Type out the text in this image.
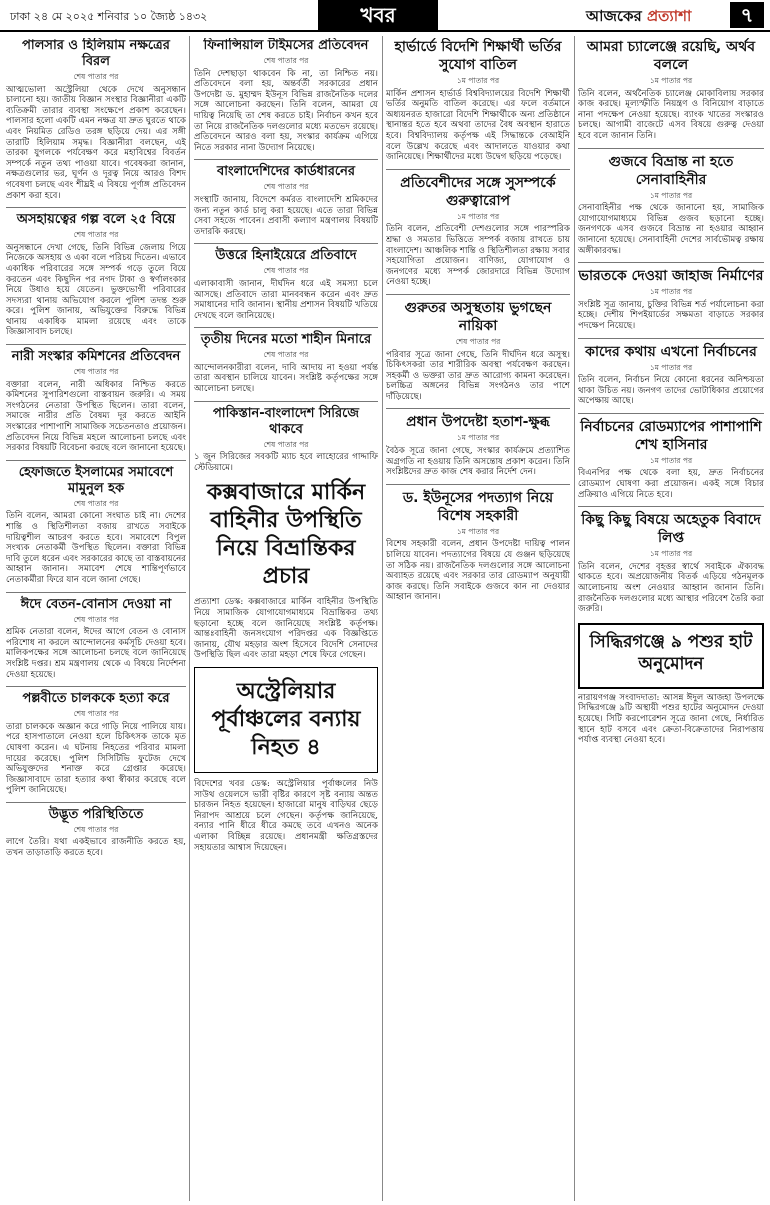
ঢাকা ২৪ মে ২০২৫ শনিবার ১০ জ্যৈষ্ঠ ১৪৩২	খবর	আজকের প্রত্যাশা	৭
পালসার ও হিলিয়াম নক্ষত্রের বিরল
শেষ পাতার পর

আত্মভোলা অস্ট্রেলিয়া থেকে দেখে অনুসন্ধান চালানো হয়। জাতীয় বিজ্ঞান সংস্থার বিজ্ঞানীরা একটি ব্যতিক্রমী তারার ব্যবস্থা সংক্ষেপে প্রকাশ করেছেন। পালসার হলো একটি এমন নক্ষত্র যা দ্রুত ঘুরতে থাকে এবং নিয়মিত রেডিও তরঙ্গ ছড়িয়ে দেয়। এর সঙ্গী তারাটি হিলিয়াম সমৃদ্ধ। বিজ্ঞানীরা বলছেন, এই তারকা যুগলকে পর্যবেক্ষণ করে মহাবিশ্বের বিবর্তন সম্পর্কে নতুন তথ্য পাওয়া যাবে। গবেষকরা জানান, নক্ষত্রগুলোর ভর, ঘূর্ণন ও দূরত্ব নিয়ে আরও বিশদ গবেষণা চলছে এবং শীঘ্রই এ বিষয়ে পূর্ণাঙ্গ প্রতিবেদন প্রকাশ করা হবে।

অসহায়ত্বের গল্প বলে ২৫ বিয়ে
শেষ পাতার পর

অনুসন্ধানে দেখা গেছে, তিনি বিভিন্ন জেলায় গিয়ে নিজেকে অসহায় ও একা বলে পরিচয় দিতেন। এভাবে একাধিক পরিবারের সঙ্গে সম্পর্ক গড়ে তুলে বিয়ে করতেন এবং কিছুদিন পর নগদ টাকা ও স্বর্ণালংকার নিয়ে উধাও হয়ে যেতেন। ভুক্তভোগী পরিবারের সদস্যরা থানায় অভিযোগ করলে পুলিশ তদন্ত শুরু করে। পুলিশ জানায়, অভিযুক্তের বিরুদ্ধে বিভিন্ন থানায় একাধিক মামলা রয়েছে এবং তাকে জিজ্ঞাসাবাদ চলছে।

নারী সংস্কার কমিশনের প্রতিবেদন
শেষ পাতার পর

বক্তারা বলেন, নারী অধিকার নিশ্চিত করতে কমিশনের সুপারিশগুলো বাস্তবায়ন জরুরি। এ সময় সংগঠনের নেতারা উপস্থিত ছিলেন। তারা বলেন, সমাজে নারীর প্রতি বৈষম্য দূর করতে আইনি সংস্কারের পাশাপাশি সামাজিক সচেতনতাও প্রয়োজন। প্রতিবেদন নিয়ে বিভিন্ন মহলে আলোচনা চলছে এবং সরকার বিষয়টি বিবেচনা করছে বলে জানানো হয়েছে।

হেফাজতে ইসলামের সমাবেশে মামুনুল হক
শেষ পাতার পর

তিনি বলেন, আমরা কোনো সংঘাত চাই না। দেশের শান্তি ও স্থিতিশীলতা বজায় রাখতে সবাইকে দায়িত্বশীল আচরণ করতে হবে। সমাবেশে বিপুল সংখ্যক নেতাকর্মী উপস্থিত ছিলেন। বক্তারা বিভিন্ন দাবি তুলে ধরেন এবং সরকারের কাছে তা বাস্তবায়নের আহ্বান জানান। সমাবেশ শেষে শান্তিপূর্ণভাবে নেতাকর্মীরা ফিরে যান বলে জানা গেছে।

ঈদে বেতন-বোনাস দেওয়া না
শেষ পাতার পর

শ্রমিক নেতারা বলেন, ঈদের আগে বেতন ও বোনাস পরিশোধ না করলে আন্দোলনের কর্মসূচি দেওয়া হবে। মালিকপক্ষের সঙ্গে আলোচনা চলছে বলে জানিয়েছে সংশ্লিষ্ট দপ্তর। শ্রম মন্ত্রণালয় থেকে এ বিষয়ে নির্দেশনা দেওয়া হয়েছে।

পল্লবীতে চালককে হত্যা করে
শেষ পাতার পর

তারা চালককে অজ্ঞান করে গাড়ি নিয়ে পালিয়ে যায়। পরে হাসপাতালে নেওয়া হলে চিকিৎসক তাকে মৃত ঘোষণা করেন। এ ঘটনায় নিহতের পরিবার মামলা দায়ের করেছে। পুলিশ সিসিটিভি ফুটেজ দেখে অভিযুক্তদের শনাক্ত করে গ্রেপ্তার করেছে। জিজ্ঞাসাবাদে তারা হত্যার কথা স্বীকার করেছে বলে পুলিশ জানিয়েছে।

উদ্ভূত পরিস্থিতিতে
শেষ পাতার পর

লাগে তৈরি। যথা একইভাবে রাজনীতি করতে হয়, তখন তাড়াতাড়ি করতে হবে।

ফিনান্সিয়াল টাইমসের প্রতিবেদন
শেষ পাতার পর

তিনি দেশছাড়া থাকবেন কি না, তা নিশ্চিত নয়। প্রতিবেদনে বলা হয়, অন্তর্বর্তী সরকারের প্রধান উপদেষ্টা ড. মুহাম্মদ ইউনূস বিভিন্ন রাজনৈতিক দলের সঙ্গে আলোচনা করছেন। তিনি বলেন, আমরা যে দায়িত্ব নিয়েছি তা শেষ করতে চাই। নির্বাচন কখন হবে তা নিয়ে রাজনৈতিক দলগুলোর মধ্যে মতভেদ রয়েছে। প্রতিবেদনে আরও বলা হয়, সংস্কার কার্যক্রম এগিয়ে নিতে সরকার নানা উদ্যোগ নিয়েছে।

বাংলাদেশিদের কার্ডধারনের
শেষ পাতার পর

সংস্থাটি জানায়, বিদেশে কর্মরত বাংলাদেশি শ্রমিকদের জন্য নতুন কার্ড চালু করা হয়েছে। এতে তারা বিভিন্ন সেবা সহজে পাবেন। প্রবাসী কল্যাণ মন্ত্রণালয় বিষয়টি তদারকি করছে।

উত্তরে হিনাইয়েরে প্রতিবাদে
শেষ পাতার পর

এলাকাবাসী জানান, দীর্ঘদিন ধরে এই সমস্যা চলে আসছে। প্রতিবাদে তারা মানববন্ধন করেন এবং দ্রুত সমাধানের দাবি জানান। স্থানীয় প্রশাসন বিষয়টি খতিয়ে দেখছে বলে জানিয়েছে।

তৃতীয় দিনের মতো শাহীন মিনারে
শেষ পাতার পর

আন্দোলনকারীরা বলেন, দাবি আদায় না হওয়া পর্যন্ত তারা অবস্থান চালিয়ে যাবেন। সংশ্লিষ্ট কর্তৃপক্ষের সঙ্গে আলোচনা চলছে।

পাকিস্তান-বাংলাদেশ সিরিজে থাকবে
শেষ পাতার পর

১ জুন সিরিজের সবকটি ম্যাচ হবে লাহোরের গাদ্দাফি স্টেডিয়ামে।

কক্সবাজারে মার্কিন বাহিনীর উপস্থিতি নিয়ে বিভ্রান্তিকর প্রচার

প্রত্যাশা ডেস্ক: কক্সবাজারে মার্কিন বাহিনীর উপস্থিতি নিয়ে সামাজিক যোগাযোগমাধ্যমে বিভ্রান্তিকর তথ্য ছড়ানো হচ্ছে বলে জানিয়েছে সংশ্লিষ্ট কর্তৃপক্ষ। আন্তঃবাহিনী জনসংযোগ পরিদপ্তর এক বিজ্ঞপ্তিতে জানায়, যৌথ মহড়ার অংশ হিসেবে বিদেশি সেনাদের উপস্থিতি ছিল এবং তারা মহড়া শেষে ফিরে গেছেন।

অস্ট্রেলিয়ার পূর্বাঞ্চলের বন্যায় নিহত ৪

বিদেশের খবর ডেস্ক: অস্ট্রেলিয়ার পূর্বাঞ্চলের নিউ সাউথ ওয়েলসে ভারী বৃষ্টির কারণে সৃষ্ট বন্যায় অন্তত চারজন নিহত হয়েছেন। হাজারো মানুষ বাড়িঘর ছেড়ে নিরাপদ আশ্রয়ে চলে গেছেন। কর্তৃপক্ষ জানিয়েছে, বন্যার পানি ধীরে ধীরে কমছে তবে এখনও অনেক এলাকা বিচ্ছিন্ন রয়েছে। প্রধানমন্ত্রী ক্ষতিগ্রস্তদের সহায়তার আশ্বাস দিয়েছেন।

হার্ভার্ডে বিদেশি শিক্ষার্থী ভর্তির সুযোগ বাতিল
১ম পাতার পর

মার্কিন প্রশাসন হার্ভার্ড বিশ্ববিদ্যালয়ের বিদেশি শিক্ষার্থী ভর্তির অনুমতি বাতিল করেছে। এর ফলে বর্তমানে অধ্যয়নরত হাজারো বিদেশি শিক্ষার্থীকে অন্য প্রতিষ্ঠানে স্থানান্তর হতে হবে অথবা তাদের বৈধ অবস্থান হারাতে হবে। বিশ্ববিদ্যালয় কর্তৃপক্ষ এই সিদ্ধান্তকে বেআইনি বলে উল্লেখ করেছে এবং আদালতে যাওয়ার কথা জানিয়েছে। শিক্ষার্থীদের মধ্যে উদ্বেগ ছড়িয়ে পড়েছে।

প্রতিবেশীদের সঙ্গে সুসম্পর্কে গুরুত্বারোপ
১ম পাতার পর

তিনি বলেন, প্রতিবেশী দেশগুলোর সঙ্গে পারস্পরিক শ্রদ্ধা ও সমতার ভিত্তিতে সম্পর্ক বজায় রাখতে চায় বাংলাদেশ। আঞ্চলিক শান্তি ও স্থিতিশীলতা রক্ষায় সবার সহযোগিতা প্রয়োজন। বাণিজ্য, যোগাযোগ ও জনগণের মধ্যে সম্পর্ক জোরদারে বিভিন্ন উদ্যোগ নেওয়া হচ্ছে।

গুরুতর অসুস্থতায় ভুগছেন নায়িকা
শেষ পাতার পর

পরিবার সূত্রে জানা গেছে, তিনি দীর্ঘদিন ধরে অসুস্থ। চিকিৎসকরা তার শারীরিক অবস্থা পর্যবেক্ষণ করছেন। সহকর্মী ও ভক্তরা তার দ্রুত আরোগ্য কামনা করেছেন। চলচ্চিত্র অঙ্গনের বিভিন্ন সংগঠনও তার পাশে দাঁড়িয়েছে।

প্রধান উপদেষ্টা হতাশ-ক্ষুব্ধ
১ম পাতার পর

বৈঠক সূত্রে জানা গেছে, সংস্কার কার্যক্রমে প্রত্যাশিত অগ্রগতি না হওয়ায় তিনি অসন্তোষ প্রকাশ করেন। তিনি সংশ্লিষ্টদের দ্রুত কাজ শেষ করার নির্দেশ দেন।

ড. ইউনূসের পদত্যাগ নিয়ে বিশেষ সহকারী
১ম পাতার পর

বিশেষ সহকারী বলেন, প্রধান উপদেষ্টা দায়িত্ব পালন চালিয়ে যাবেন। পদত্যাগের বিষয়ে যে গুঞ্জন ছড়িয়েছে তা সঠিক নয়। রাজনৈতিক দলগুলোর সঙ্গে আলোচনা অব্যাহত রয়েছে এবং সরকার তার রোডম্যাপ অনুযায়ী কাজ করছে। তিনি সবাইকে গুজবে কান না দেওয়ার আহ্বান জানান।

আমরা চ্যালেঞ্জে রয়েছি, অর্থব বললে
১ম পাতার পর

তিনি বলেন, অর্থনৈতিক চ্যালেঞ্জ মোকাবিলায় সরকার কাজ করছে। মূল্যস্ফীতি নিয়ন্ত্রণ ও বিনিয়োগ বাড়াতে নানা পদক্ষেপ নেওয়া হয়েছে। ব্যাংক খাতের সংস্কারও চলছে। আগামী বাজেটে এসব বিষয়ে গুরুত্ব দেওয়া হবে বলে জানান তিনি।

গুজবে বিভ্রান্ত না হতে সেনাবাহিনীর
১ম পাতার পর

সেনাবাহিনীর পক্ষ থেকে জানানো হয়, সামাজিক যোগাযোগমাধ্যমে বিভিন্ন গুজব ছড়ানো হচ্ছে। জনগণকে এসব গুজবে বিভ্রান্ত না হওয়ার আহ্বান জানানো হয়েছে। সেনাবাহিনী দেশের সার্বভৌমত্ব রক্ষায় অঙ্গীকারবদ্ধ।

ভারতকে দেওয়া জাহাজ নির্মাণের
১ম পাতার পর

সংশ্লিষ্ট সূত্র জানায়, চুক্তির বিভিন্ন শর্ত পর্যালোচনা করা হচ্ছে। দেশীয় শিপইয়ার্ডের সক্ষমতা বাড়াতে সরকার পদক্ষেপ নিয়েছে।

কাদের কথায় এখনো নির্বাচনের
১ম পাতার পর

তিনি বলেন, নির্বাচন নিয়ে কোনো ধরনের অনিশ্চয়তা থাকা উচিত নয়। জনগণ তাদের ভোটাধিকার প্রয়োগের অপেক্ষায় আছে।

নির্বাচনের রোডম্যাপের পাশাপাশি শেখ হাসিনার
১ম পাতার পর

বিএনপির পক্ষ থেকে বলা হয়, দ্রুত নির্বাচনের রোডম্যাপ ঘোষণা করা প্রয়োজন। একই সঙ্গে বিচার প্রক্রিয়াও এগিয়ে নিতে হবে।

কিছু কিছু বিষয়ে অহেতুক বিবাদে লিপ্ত
১ম পাতার পর

তিনি বলেন, দেশের বৃহত্তর স্বার্থে সবাইকে ঐক্যবদ্ধ থাকতে হবে। অপ্রয়োজনীয় বিতর্ক এড়িয়ে গঠনমূলক আলোচনায় অংশ নেওয়ার আহ্বান জানান তিনি। রাজনৈতিক দলগুলোর মধ্যে আস্থার পরিবেশ তৈরি করা জরুরি।

সিদ্ধিরগঞ্জে ৯ পশুর হাট অনুমোদন

নারায়ণগঞ্জ সংবাদদাতা: আসন্ন ঈদুল আজহা উপলক্ষে সিদ্ধিরগঞ্জে ৯টি অস্থায়ী পশুর হাটের অনুমোদন দেওয়া হয়েছে। সিটি করপোরেশন সূত্রে জানা গেছে, নির্ধারিত স্থানে হাট বসবে এবং ক্রেতা-বিক্রেতাদের নিরাপত্তায় পর্যাপ্ত ব্যবস্থা নেওয়া হবে।
